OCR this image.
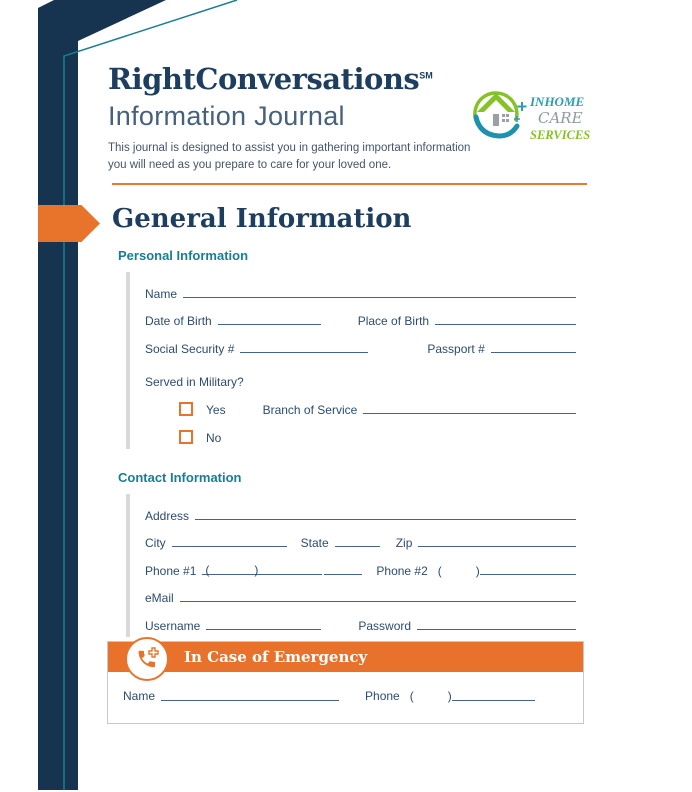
RightConversations℠
Information Journal
This journal is designed to assist you in gathering important information
you will need as you prepare to care for your loved one.
INHOME
CARE
SERVICES
General Information
Personal Information
Name
Date of Birth	Place of Birth
Social Security #	Passport #
Served in Military?
Yes	Branch of Service
No
Contact Information
Address
City	State	Zip
Phone #1 (	)	Phone #2 (	)
eMail
Username	Password
In Case of Emergency
Name	Phone (	)
